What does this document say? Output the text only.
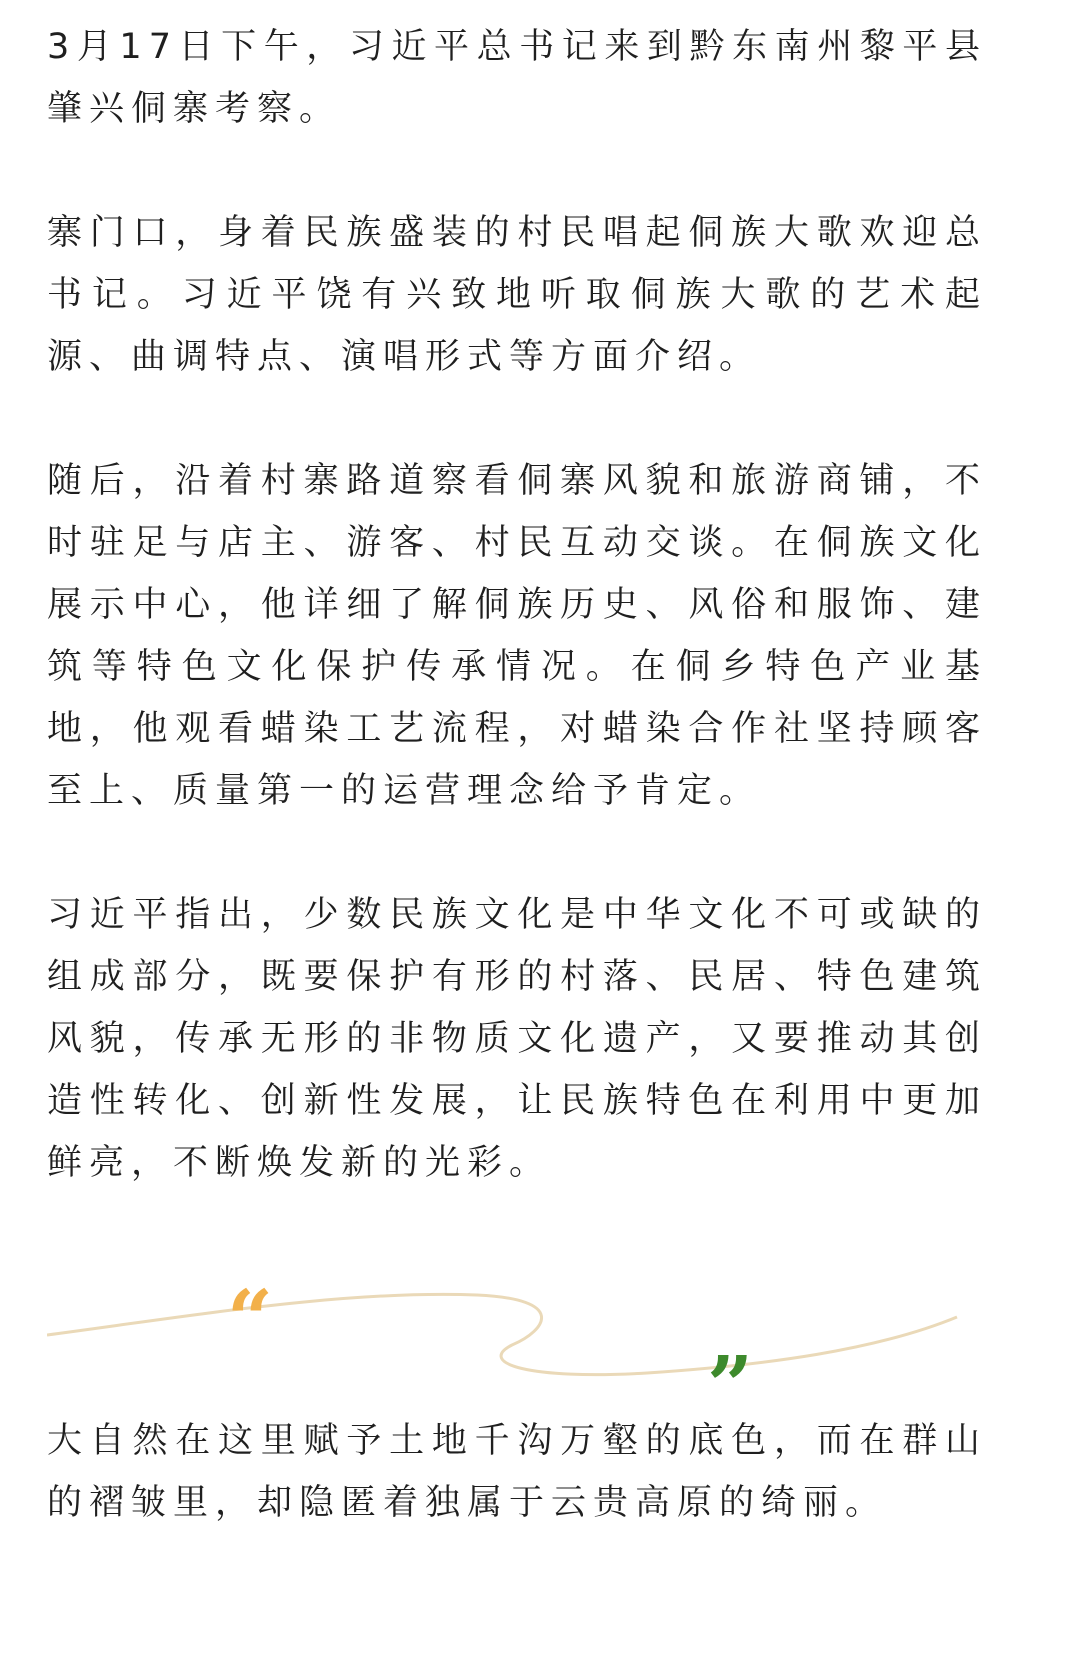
3月17日下午，习近平总书记来到黔东南州黎平县肇兴侗寨考察。

寨门口，身着民族盛装的村民唱起侗族大歌欢迎总书记。习近平饶有兴致地听取侗族大歌的艺术起源、曲调特点、演唱形式等方面介绍。

随后，沿着村寨路道察看侗寨风貌和旅游商铺，不时驻足与店主、游客、村民互动交谈。在侗族文化展示中心，他详细了解侗族历史、风俗和服饰、建筑等特色文化保护传承情况。在侗乡特色产业基地，他观看蜡染工艺流程，对蜡染合作社坚持顾客至上、质量第一的运营理念给予肯定。

习近平指出，少数民族文化是中华文化不可或缺的组成部分，既要保护有形的村落、民居、特色建筑风貌，传承无形的非物质文化遗产，又要推动其创造性转化、创新性发展，让民族特色在利用中更加鲜亮，不断焕发新的光彩。

“
”

大自然在这里赋予土地千沟万壑的底色，而在群山的褶皱里，却隐匿着独属于云贵高原的绮丽。
